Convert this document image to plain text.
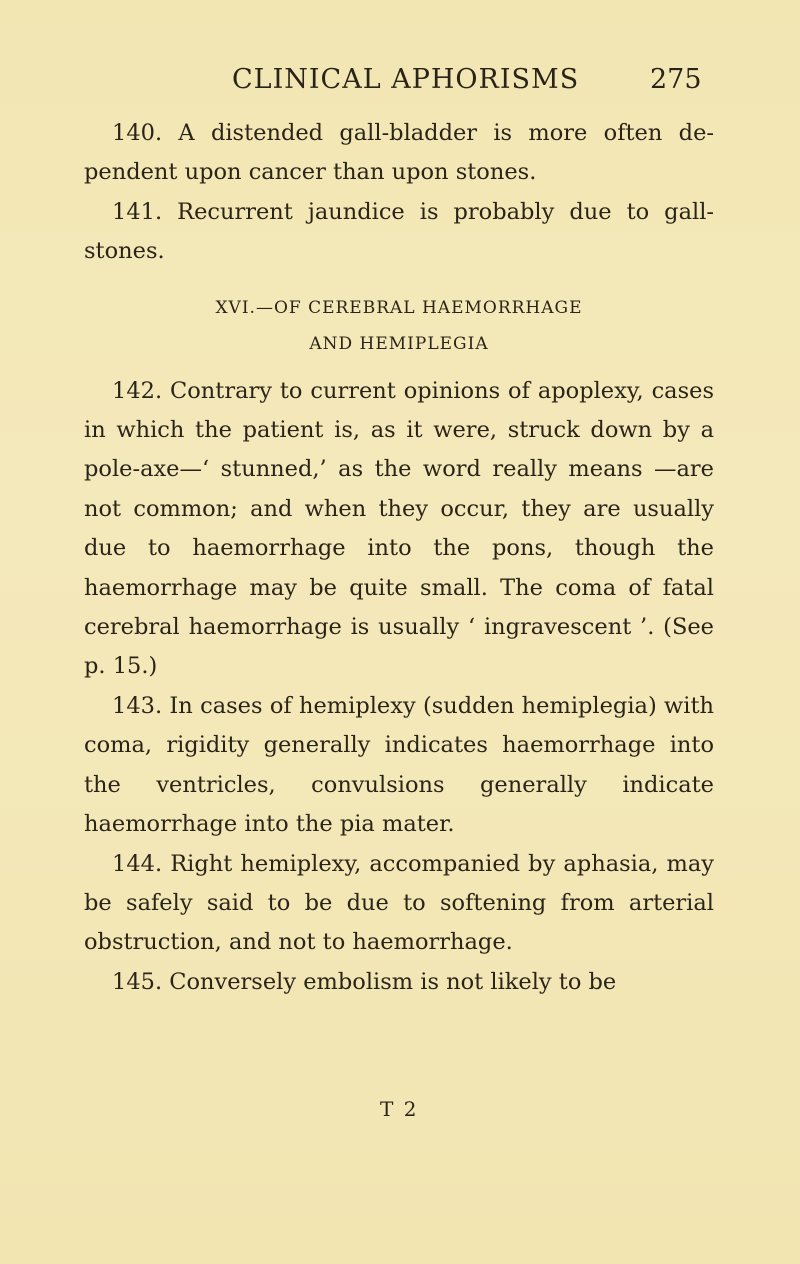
CLINICAL APHORISMS	275

140. A distended gall-bladder is more often dependent upon cancer than upon stones.

141. Recurrent jaundice is probably due to gallstones.

XVI.—OF CEREBRAL HAEMORRHAGE
AND HEMIPLEGIA

142. Contrary to current opinions of apoplexy, cases in which the patient is, as it were, struck down by a pole-axe—‘ stunned,’ as the word really means —are not common; and when they occur, they are usually due to haemorrhage into the pons, though the haemorrhage may be quite small. The coma of fatal cerebral haemorrhage is usually ‘ ingravescent ’. (See p. 15.)

143. In cases of hemiplexy (sudden hemiplegia) with coma, rigidity generally indicates haemorrhage into the ventricles, convulsions generally indicate haemorrhage into the pia mater.

144. Right hemiplexy, accompanied by aphasia, may be safely said to be due to softening from arterial obstruction, and not to haemorrhage.

145. Conversely embolism is not likely to be

T 2
